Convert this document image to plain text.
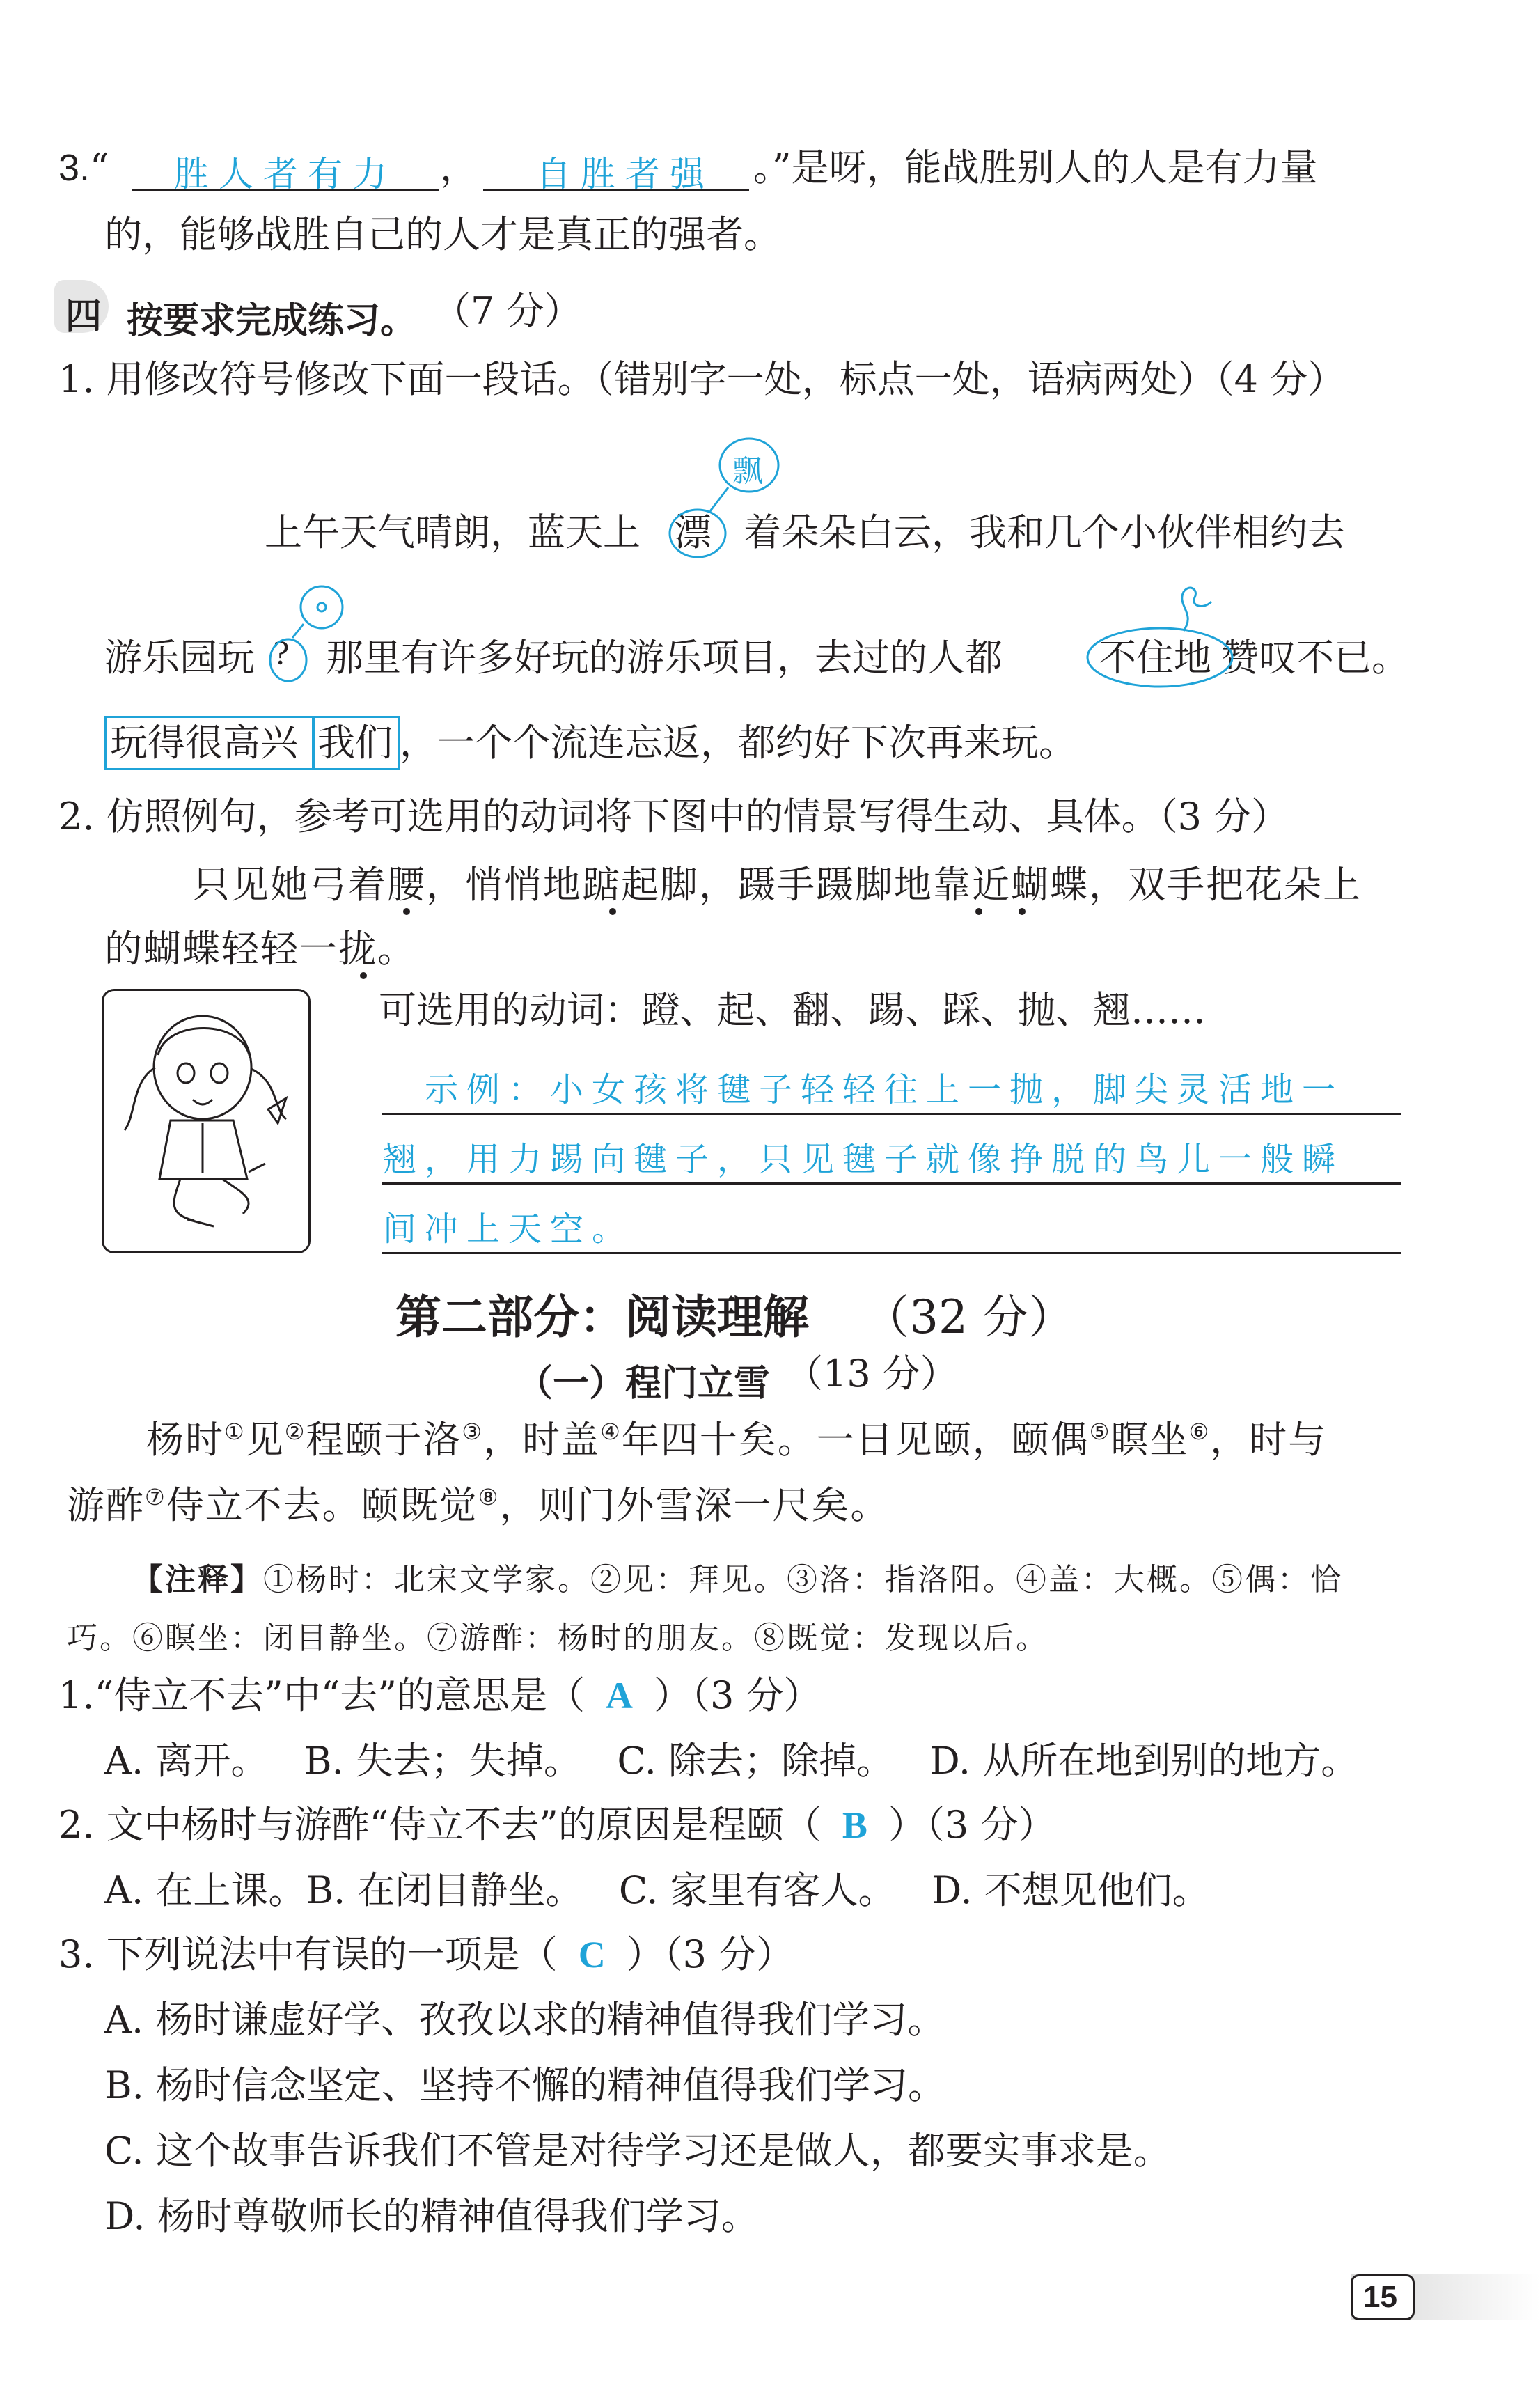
3.“ 胜人者有力 ， 自胜者强 。”是呀，能战胜别人的人是有力量
的，能够战胜自己的人才是真正的强者。
四 按要求完成练习。 （7 分）
1. 用修改符号修改下面一段话。（错别字一处，标点一处，语病两处）（4 分）
上午天气晴朗，蓝天上 漂 着朵朵白云，我和几个小伙伴相约去
飘
游乐园玩 ? 那里有许多好玩的游乐项目，去过的人都	不住地 赞叹不已。
玩得很高兴 我们 ，一个个流连忘返，都约好下次再来玩。
2. 仿照例句，参考可选用的动词将下图中的情景写得生动、具体。（3 分）
只见她弓着腰，悄悄地踮起脚，蹑手蹑脚地靠近蝴蝶，双手把花朵上
的蝴蝶轻轻一拢。
可选用的动词：蹬、起、翻、踢、踩、抛、翘……
示例：小女孩将毽子轻轻往上一抛，脚尖灵活地一
翘，用力踢向毽子，只见毽子就像挣脱的鸟儿一般瞬
间冲上天空。
第二部分：阅读理解 （32 分）
（一）程门立雪 （13 分）
杨时①见②程颐于洛③，时盖④年四十矣。一日见颐，颐偶⑤瞑坐⑥，时与
游酢⑦侍立不去。颐既觉⑧，则门外雪深一尺矣。
【注释】①杨时：北宋文学家。②见：拜见。③洛：指洛阳。④盖：大概。⑤偶：恰
巧。⑥瞑坐：闭目静坐。⑦游酢：杨时的朋友。⑧既觉：发现以后。
1.“侍立不去”中“去”的意思是（ A ）（3 分）
A. 离开。   B. 失去；失掉。   C. 除去；除掉。   D. 从所在地到别的地方。
2. 文中杨时与游酢“侍立不去”的原因是程颐（ B ）（3 分）
A. 在上课。B. 在闭目静坐。   C. 家里有客人。   D. 不想见他们。
3. 下列说法中有误的一项是（ C ）（3 分）
A. 杨时谦虚好学、孜孜以求的精神值得我们学习。
B. 杨时信念坚定、坚持不懈的精神值得我们学习。
C. 这个故事告诉我们不管是对待学习还是做人，都要实事求是。
D. 杨时尊敬师长的精神值得我们学习。
15
